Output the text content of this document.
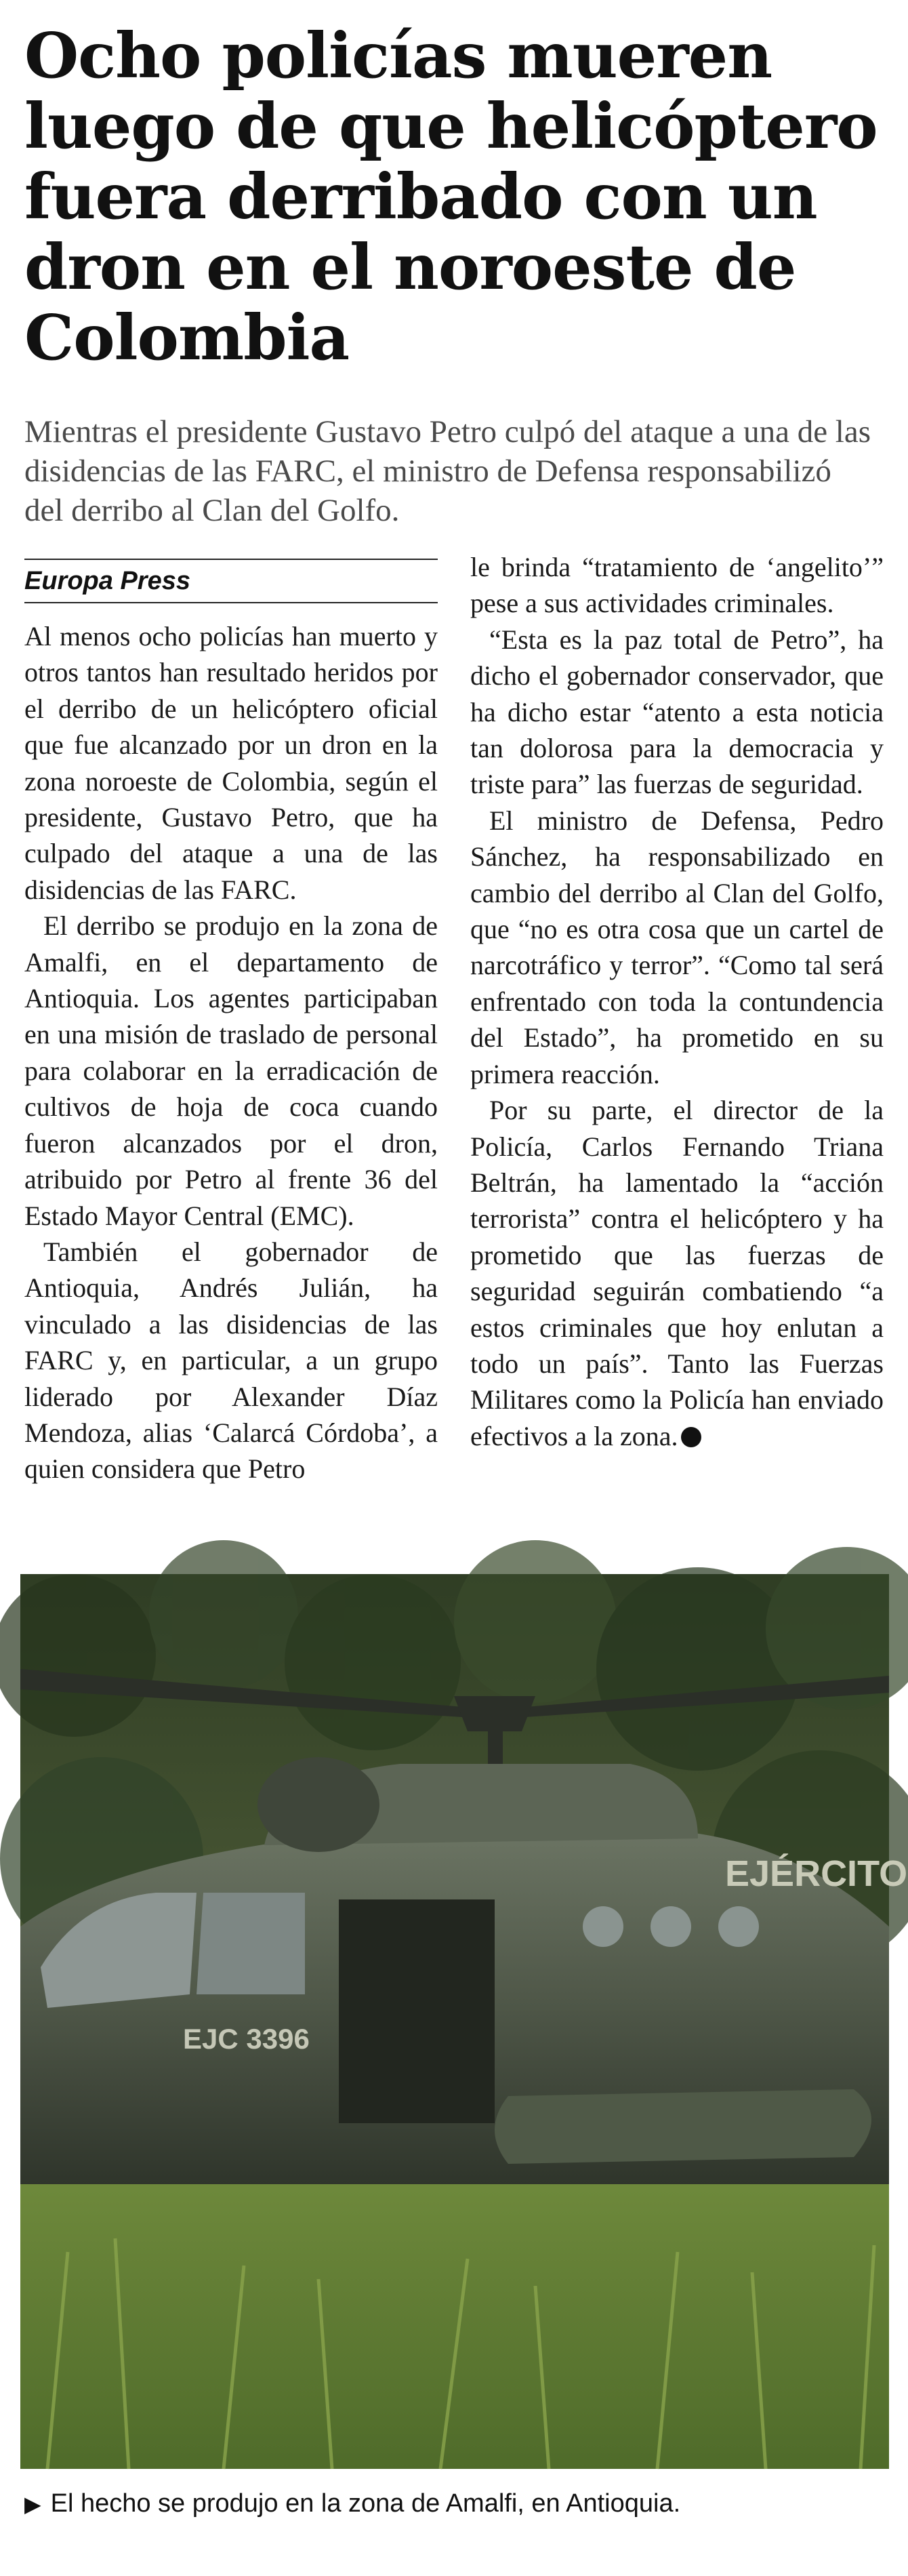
Ocho policías mueren luego de que helicóptero fuera derribado con un dron en el noroeste de Colombia

Mientras el presidente Gustavo Petro culpó del ataque a una de las disidencias de las FARC, el ministro de Defensa responsabilizó del derribo al Clan del Golfo.

Europa Press

Al menos ocho policías han muerto y otros tantos han resultado heridos por el derribo de un helicóptero oficial que fue alcanzado por un dron en la zona noroeste de Colombia, según el presidente, Gustavo Petro, que ha culpado del ataque a una de las disidencias de las FARC.

El derribo se produjo en la zona de Amalfi, en el departamento de Antioquia. Los agentes participaban en una misión de traslado de personal para colaborar en la erradicación de cultivos de hoja de coca cuando fueron alcanzados por el dron, atribuido por Petro al frente 36 del Estado Mayor Central (EMC).

También el gobernador de Antioquia, Andrés Julián, ha vinculado a las disidencias de las FARC y, en particular, a un grupo liderado por Alexander Díaz Mendoza, alias ‘Calarcá Córdoba’, a quien considera que Petro

le brinda “tratamiento de ‘angelito’” pese a sus actividades criminales.

“Esta es la paz total de Petro”, ha dicho el gobernador conservador, que ha dicho estar “atento a esta noticia tan dolorosa para la democracia y triste para” las fuerzas de seguridad.

El ministro de Defensa, Pedro Sánchez, ha responsabilizado en cambio del derribo al Clan del Golfo, que “no es otra cosa que un cartel de narcotráfico y terror”. “Como tal será enfrentado con toda la contundencia del Estado”, ha prometido en su primera reacción.

Por su parte, el director de la Policía, Carlos Fernando Triana Beltrán, ha lamentado la “acción terrorista” contra el helicóptero y ha prometido que las fuerzas de seguridad seguirán combatiendo “a estos criminales que hoy enlutan a todo un país”. Tanto las Fuerzas Militares como la Policía han enviado efectivos a la zona.

EJÉRCITO
EJC 3396
▶ El hecho se produjo en la zona de Amalfi, en Antioquia.
